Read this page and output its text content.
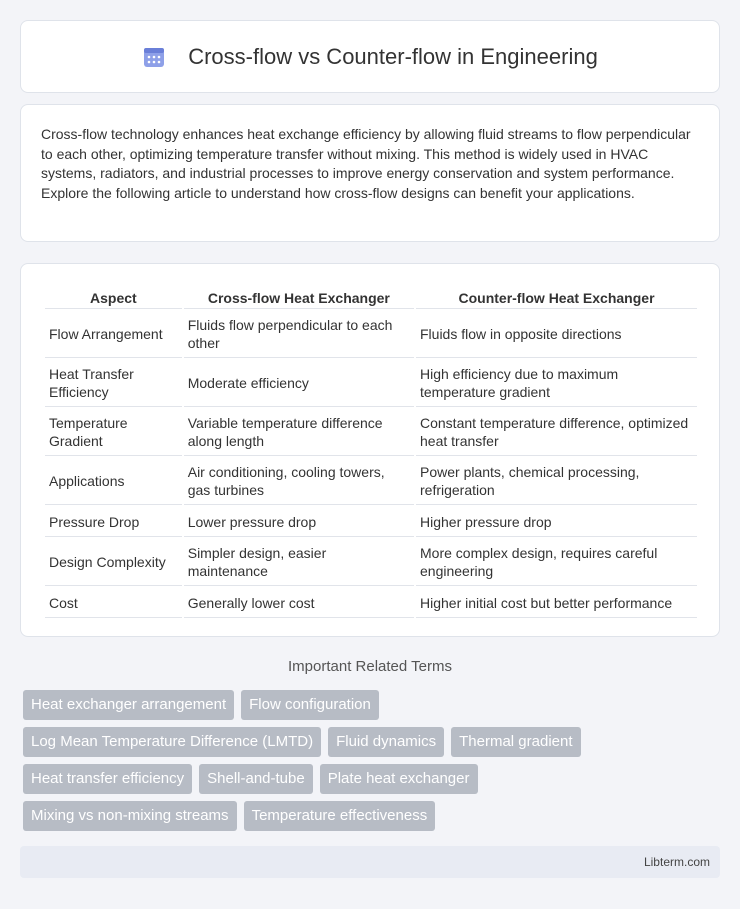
Cross-flow vs Counter-flow in Engineering

Cross-flow technology enhances heat exchange efficiency by allowing fluid streams to flow perpendicular to each other, optimizing temperature transfer without mixing. This method is widely used in HVAC systems, radiators, and industrial processes to improve energy conservation and system performance. Explore the following article to understand how cross-flow designs can benefit your applications.

Aspect	Cross-flow Heat Exchanger	Counter-flow Heat Exchanger
Flow Arrangement	Fluids flow perpendicular to each other	Fluids flow in opposite directions
Heat Transfer Efficiency	Moderate efficiency	High efficiency due to maximum temperature gradient
Temperature Gradient	Variable temperature difference along length	Constant temperature difference, optimized heat transfer
Applications	Air conditioning, cooling towers, gas turbines	Power plants, chemical processing, refrigeration
Pressure Drop	Lower pressure drop	Higher pressure drop
Design Complexity	Simpler design, easier maintenance	More complex design, requires careful engineering
Cost	Generally lower cost	Higher initial cost but better performance
Important Related Terms
Heat exchanger arrangement	Flow configuration
Log Mean Temperature Difference (LMTD)	Fluid dynamics	Thermal gradient
Heat transfer efficiency	Shell-and-tube	Plate heat exchanger
Mixing vs non-mixing streams	Temperature effectiveness
Libterm.com
